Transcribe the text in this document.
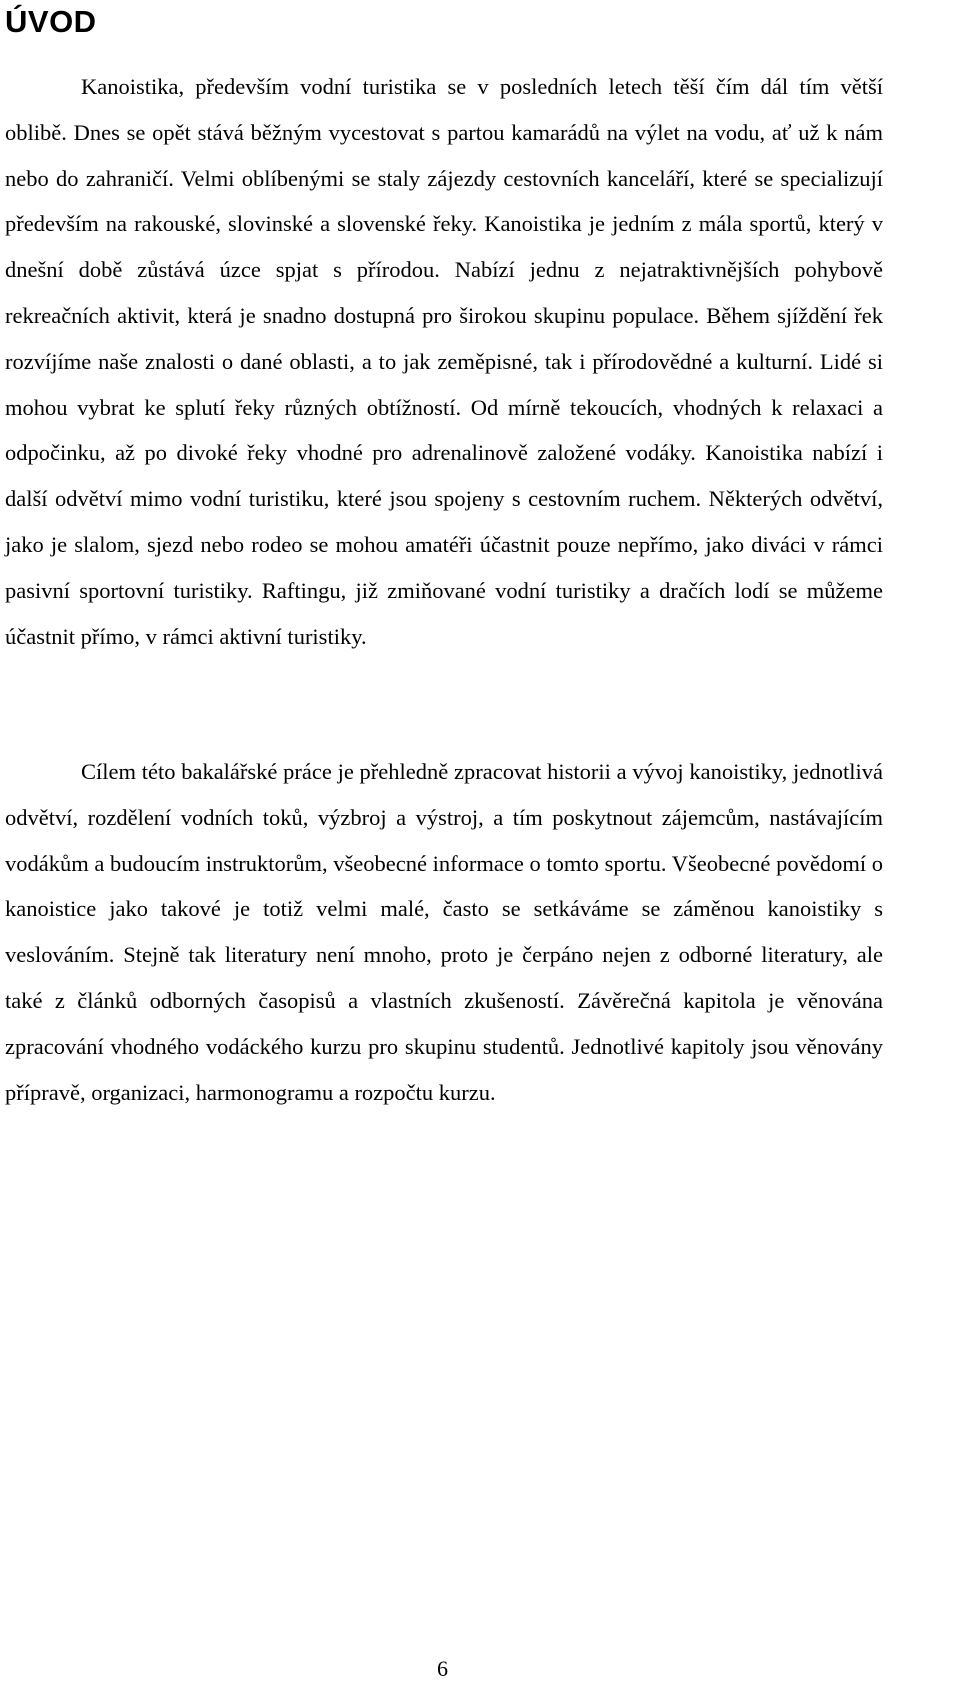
ÚVOD

Kanoistika, především vodní turistika se v posledních letech těší čím dál tím větší oblibě. Dnes se opět stává běžným vycestovat s partou kamarádů na výlet na vodu, ať už k nám nebo do zahraničí. Velmi oblíbenými se staly zájezdy cestovních kanceláří, které se specializují především na rakouské, slovinské a slovenské řeky. Kanoistika je jedním z mála sportů, který v dnešní době zůstává úzce spjat s přírodou. Nabízí jednu z nejatraktivnějších pohybově rekreačních aktivit, která je snadno dostupná pro širokou skupinu populace. Během sjíždění řek rozvíjíme naše znalosti o dané oblasti, a to jak zeměpisné, tak i přírodovědné a kulturní. Lidé si mohou vybrat ke splutí řeky různých obtížností. Od mírně tekoucích, vhodných k relaxaci a odpočinku, až po divoké řeky vhodné pro adrenalinově založené vodáky. Kanoistika nabízí i další odvětví mimo vodní turistiku, které jsou spojeny s cestovním ruchem. Některých odvětví, jako je slalom, sjezd nebo rodeo se mohou amatéři účastnit pouze nepřímo, jako diváci v rámci pasivní sportovní turistiky. Raftingu, již zmiňované vodní turistiky a dračích lodí se můžeme účastnit přímo, v rámci aktivní turistiky.

Cílem této bakalářské práce je přehledně zpracovat historii a vývoj kanoistiky, jednotlivá odvětví, rozdělení vodních toků, výzbroj a výstroj, a tím poskytnout zájemcům, nastávajícím vodákům a budoucím instruktorům, všeobecné informace o tomto sportu. Všeobecné povědomí o kanoistice jako takové je totiž velmi malé, často se setkáváme se záměnou kanoistiky s veslováním. Stejně tak literatury není mnoho, proto je čerpáno nejen z odborné literatury, ale také z článků odborných časopisů a vlastních zkušeností. Závěrečná kapitola je věnována zpracování vhodného vodáckého kurzu pro skupinu studentů. Jednotlivé kapitoly jsou věnovány přípravě, organizaci, harmonogramu a rozpočtu kurzu.

6
